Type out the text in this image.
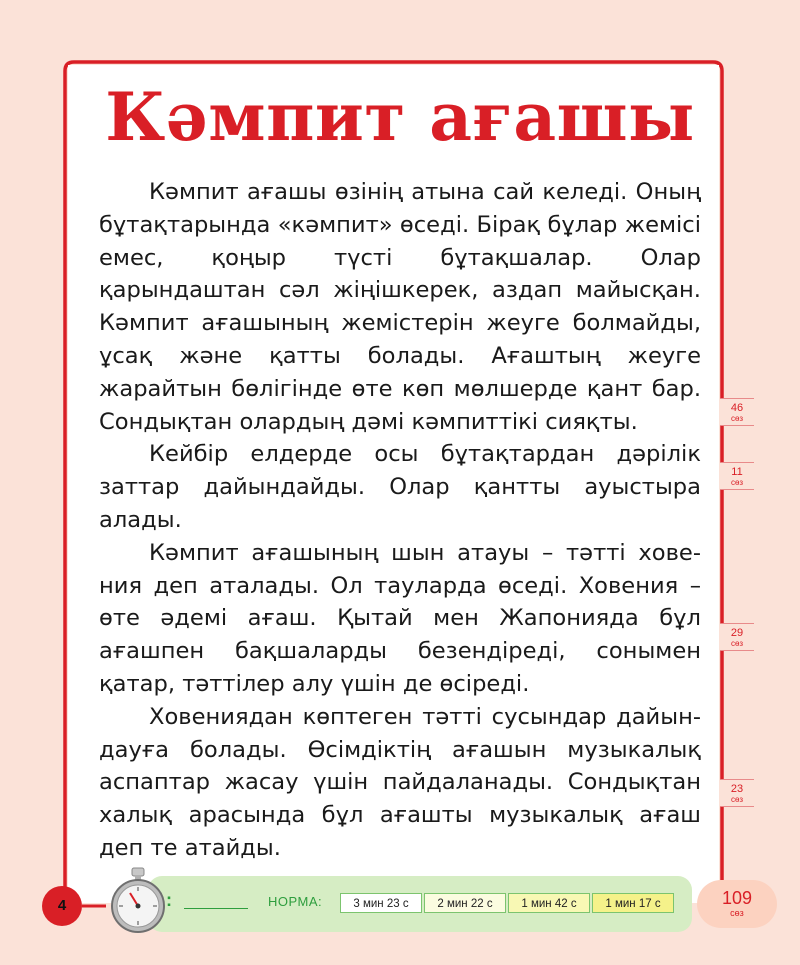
Кәмпит ағашы

Кәмпит ағашы өзінің атына сай келеді. Оның бұтақтарында «кәмпит» өседі. Бірақ бұлар жемісі емес, қоңыр түсті бұтақшалар. Олар қарындаштан сәл жіңішкерек, аздап майысқан. Кәмпит ағашының жемістерін жеуге болмайды, ұсақ және қатты болады. Ағаштың жеуге жарайтын бөлігінде өте көп мөлшерде қант бар. Сондықтан олардың дәмі кәмпиттікі сияқты.

Кейбір елдерде осы бұтақтардан дәрілік заттар дайындайды. Олар қантты ауыстыра алады.

Кәмпит ағашының шын атауы – тәтті ховения деп аталады. Ол тауларда өседі. Ховения – өте әдемі ағаш. Қытай мен Жапонияда бұл ағашпен бақшаларды безендіреді, сонымен қатар, тәттілер алу үшін де өсіреді.

Ховениядан көптеген тәтті сусындар дайындауға болады. Өсімдіктің ағашын музыкалық аспаптар жасау үшін пайдаланады. Сондықтан халық арасында бұл ағашты музыкалық ағаш деп те атайды.

46
сөз
11
сөз
29
сөз
23
сөз
4	:	НОРМА:	3 мин 23 с	2 мин 22 с	1 мин 42 с	1 мин 17 с	109
сөз
